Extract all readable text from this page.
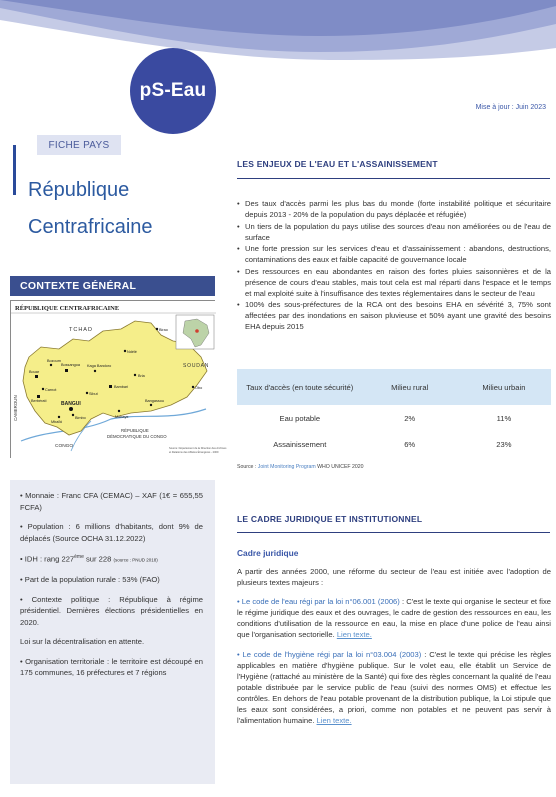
pS-Eau
Mise à jour : Juin 2023
FICHE PAYS
République
Centrafricaine
CONTEXTE GÉNÉRAL
RÉPUBLIQUE CENTRAFRICAINE
TCHAD
SOUDAN
CAMEROUN
CONGO
RÉPUBLIQUE
DÉMOCRATIQUE DU CONGO
BANGUI
Bambari
Bossangoa
Bouar
Berbérati
Bria
Bangassou
Carnot
Sibut
Kaga Bandoro
Ndélé
Birao
Mobaye
Obo
Bozoum
Mbaïki
Bimbo
Source: Département de la Direction des Archives
et Relations des Affaires Étrangères - 2009

• Monnaie : Franc CFA (CEMAC) – XAF (1€ = 655,55 FCFA)

• Population : 6 millions d'habitants, dont 9% de déplacés (Source OCHA 31.12.2022)

• IDH : rang 227ème sur 228 (source : PNUD 2018)

• Part de la population rurale : 53% (FAO)

• Contexte politique : République à régime présidentiel. Dernières élections présidentielles en 2020.

Loi sur la décentralisation en attente.

• Organisation territoriale : le territoire est découpé en 175 communes, 16 préfectures et 7 régions

LES ENJEUX DE L'EAU ET L'ASSAINISSEMENT
• Des taux d'accès parmi les plus bas du monde (forte instabilité politique et sécuritaire depuis 2013 - 20% de la population du pays déplacée et réfugiée)
• Un tiers de la population du pays utilise des sources d'eau non améliorées ou de l'eau de surface
• Une forte pression sur les services d'eau et d'assainissement : abandons, destructions, contaminations des eaux et faible capacité de gouvernance locale
• Des ressources en eau abondantes en raison des fortes pluies saisonnières et de la présence de cours d'eau stables, mais tout cela est mal réparti dans l'espace et le temps et mal exploité suite à l'insuffisance des textes réglementaires dans le secteur de l'eau
• 100% des sous-préfectures de la RCA ont des besoins EHA en sévérité 3, 75% sont affectées par des inondations en saison pluvieuse et 50% ayant une gravité des besoins EHA depuis 2015
Taux d'accès (en toute sécurité)	Milieu rural	Milieu urbain
Eau potable	2%	11%
Assainissement	6%	23%
Source : Joint Monitoring Program WHO UNICEF 2020
LE CADRE JURIDIQUE ET INSTITUTIONNEL
Cadre juridique

A partir des années 2000, une réforme du secteur de l'eau est initiée avec l'adoption de plusieurs textes majeurs :

• Le code de l'eau régi par la loi n°06.001 (2006) : C'est le texte qui organise le secteur et fixe le régime juridique des eaux et des ouvrages, le cadre de gestion des ressources en eau, les conditions d'utilisation de la ressource en eau, la mise en place d'une police de l'eau ainsi que l'organisation sectorielle. Lien texte.

• Le code de l'hygiène régi par la loi n°03.004 (2003) : C'est le texte qui précise les règles applicables en matière d'hygiène publique. Sur le volet eau, elle établit un Service de l'Hygiène (rattaché au ministère de la Santé) qui fixe des règles concernant la qualité de l'eau potable distribuée par le service public de l'eau (suivi des normes OMS) et effectue les contrôles. En dehors de l'eau potable provenant de la distribution publique, la Loi stipule que les eaux sont considérées, a priori, comme non potables et ne peuvent pas servir à l'alimentation humaine. Lien texte.
